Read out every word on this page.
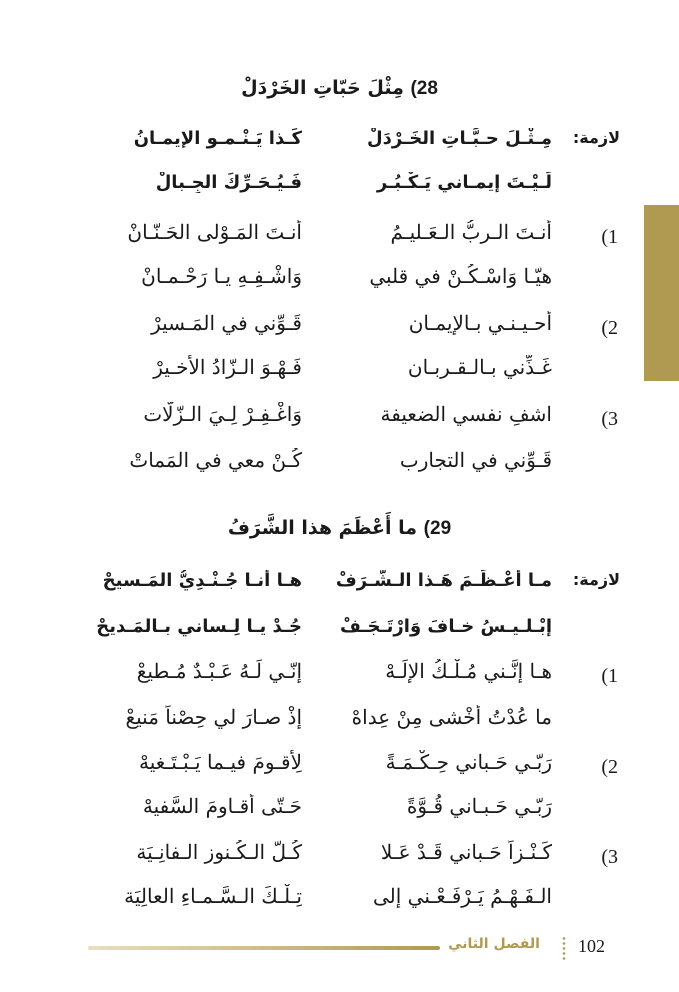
28) مِثْلَ حَبّاتِ الخَرْدَلْ
لازمة:
مِـثْـلَ حـبَّـاتِ الخَـرْدَلْ
كَـذا يَـنْـمـو الإيمـانُ
لَـيْـتَ إيمـاني يَـكْـبُـر
فَـيُـحَـرِّكَ الجِـبالْ
1)
أنـتَ الـربُّ الـعَـليـمُ
أنـتَ المَـوْلى الحَـنّـانْ
هيّـا وَاسْـكُـنْ في قلبي
وَاشْـفِـهِ يـا رَحْـمـانْ
2)
أحـيـنـي بـالإيمـانِ
قَـوِّني في المَـسيرْ
غَـذِّني بـالـقـربـانِ
فَـهْـوَ الـزّادُ الأخـيرْ
3)
اشفِ نفسي الضعيفة
وَاغْـفِـرْ لِـيَ الـزّلّات
قَـوِّني في التجارب
كُـنْ معي في المَماتْ
29) ما أَعْظَمَ هذا الشَّرَفُ
لازمة:
مـا أَعْـظَـمَ هَـذا الـشَّـرَفْ
هـا أنـا جُـنْـدِيُّ المَـسيحْ
إبْـلـيـسُ خـافَ وَارْتَـجَـفْ
جُـدْ يـا لِـساني بـالمَـديحْ
1)
هـا إنَّـني مُـلْـكُ الإلَـهْ
إنّـي لَـهُ عَـبْـدٌ مُـطيعْ
ما عُدْتُ أَخْشى مِنْ عِداهْ
إذْ صـارَ لي حِصْناً مَنيعْ
2)
رَبّـي حَـباني حِـكْـمَـةً
لِأَقـومَ فيـما يَـبْـتَـغيهْ
رَبّـي حَـبـاني قُـوَّةً
حَـتّى أُقـاوِمَ السَّفيهْ
3)
كَـنْـزاً حَـباني قَـدْ عَـلا
كُـلَّ الـكُـنوزِ الـفانِـيَة
الـفَـهْـمُ يَـرْفَـعْـني إلى
تِـلْـكَ الـسَّـمـاءِ العالِيَة
الفصل الثاني 102
